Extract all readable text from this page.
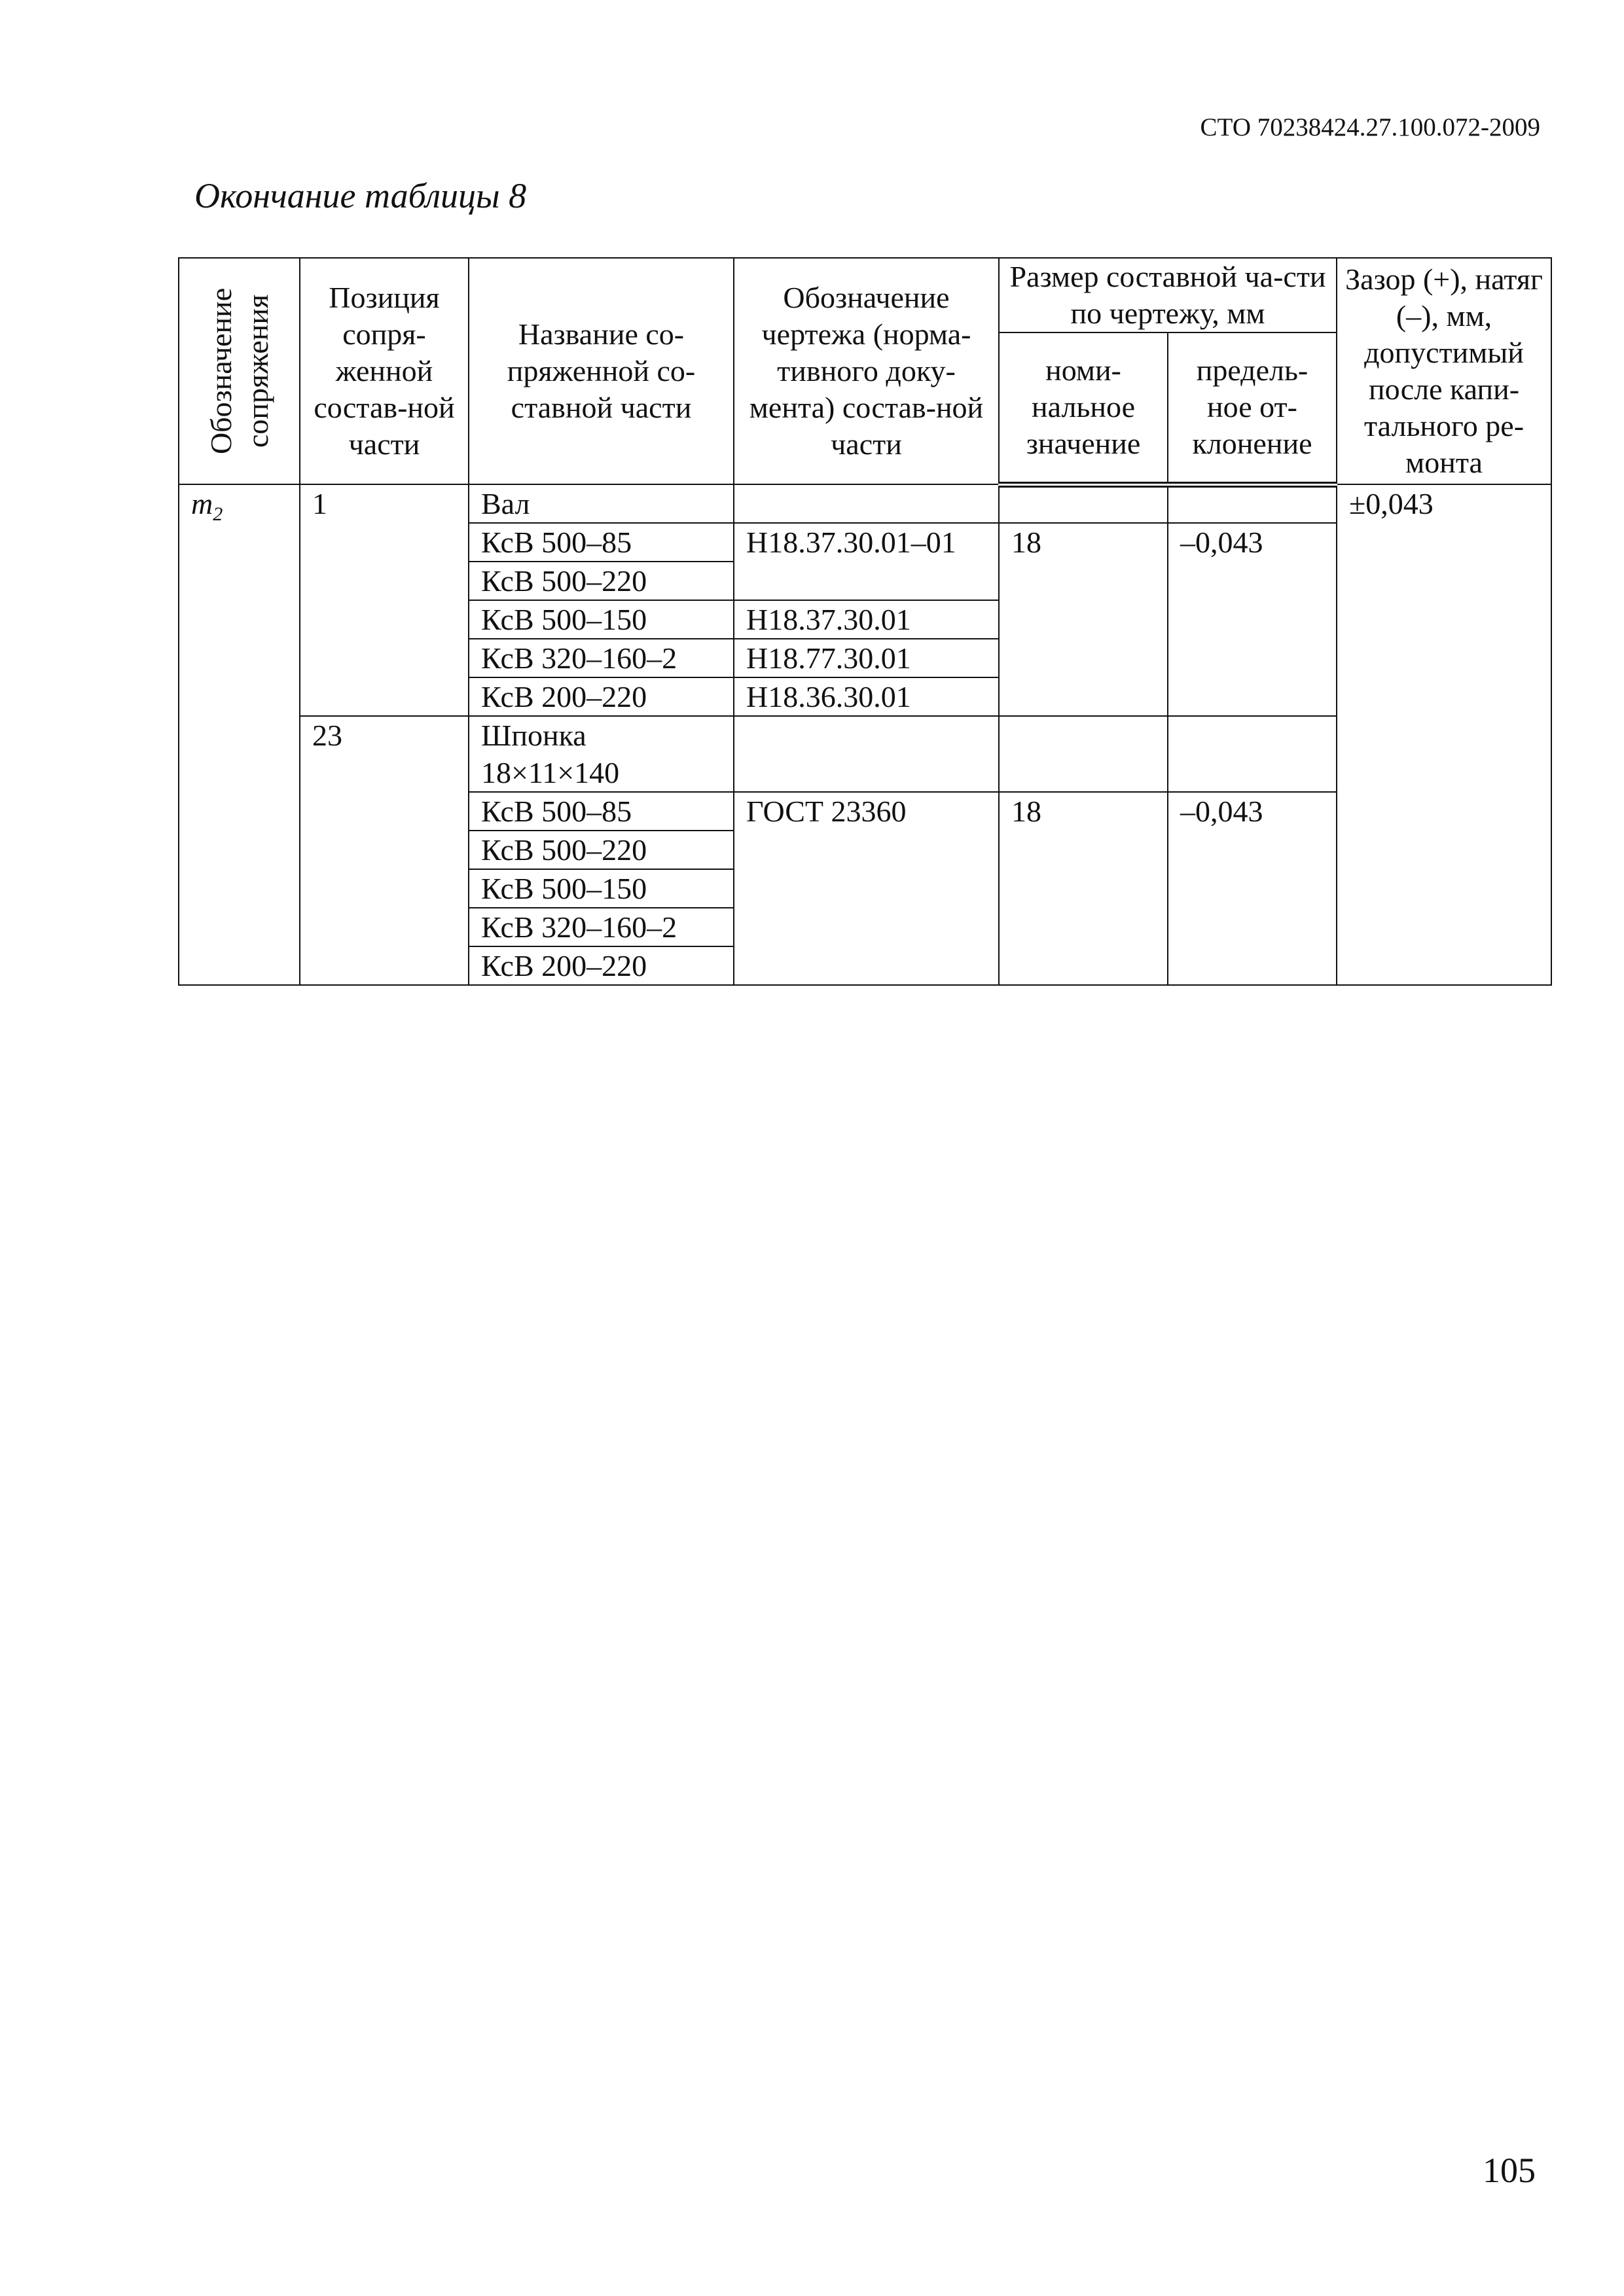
СТО 70238424.27.100.072-2009
Окончание таблицы 8
Обозначение сопряжения	Позиция сопря-женной состав-ной части	Название со-пряженной со-ставной части	Обозначение чертежа (норма-тивного доку-мента) состав-ной части	Размер составной ча-сти по чертежу, мм		Зазор (+), натяг (–), мм, допустимый после капи-тального ре-монта
				номи-нальное значение	предель-ное от-клонение	
$m_2$	1	Вал				±0,043
		КсВ 500–85	Н18.37.30.01–01	18	–0,043	
		КсВ 500–220				
		КсВ 500–150	Н18.37.30.01			
		КсВ 320–160–2	Н18.77.30.01			
		КсВ 200–220	Н18.36.30.01			
	23	Шпонка 18×11×140				

		КсВ 500–85	ГОСТ 23360	18	–0,043	
		КсВ 500–220				
		КсВ 500–150				
		КсВ 320–160–2				
		КсВ 200–220				
105
